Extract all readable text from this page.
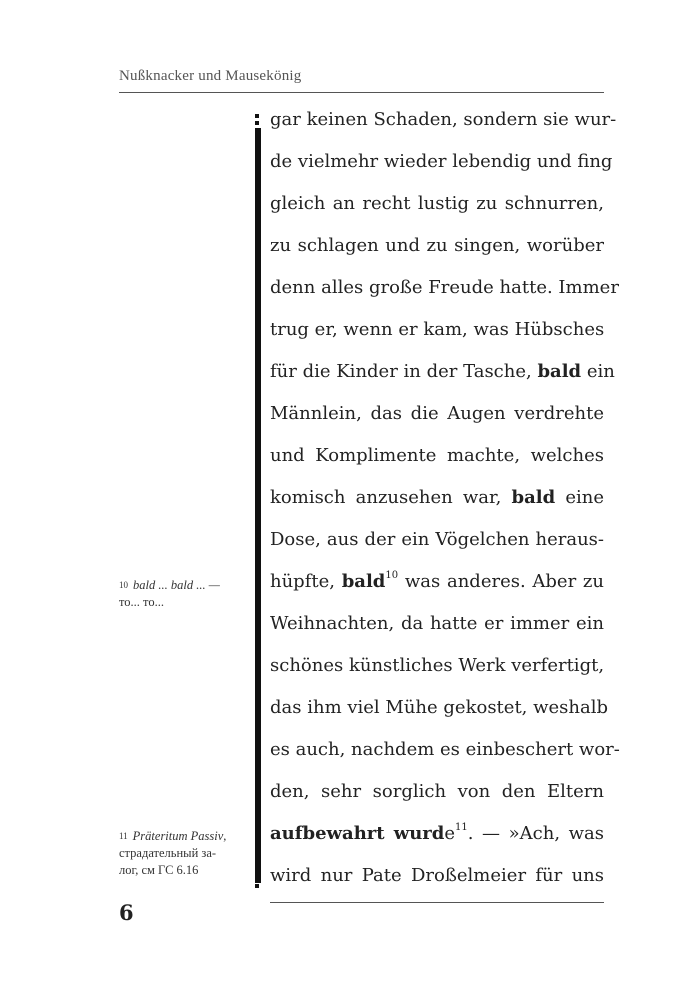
Nußknacker und Mausekönig
gar keinen Schaden, sondern sie wur-
de vielmehr wieder lebendig und fing
gleich an recht lustig zu schnurren,
zu schlagen und zu singen, worüber
denn alles große Freude hatte. Immer
trug er, wenn er kam, was Hübsches
für die Kinder in der Tasche, bald ein
Männlein, das die Augen verdrehte
und Komplimente machte, welches
komisch anzusehen war, bald eine
Dose, aus der ein Vögelchen heraus-
hüpfte, bald$^{10}$ was anderes. Aber zu
Weihnachten, da hatte er immer ein
schönes künstliches Werk verfertigt,
das ihm viel Mühe gekostet, weshalb
es auch, nachdem es einbeschert wor-
den, sehr sorglich von den Eltern
aufbewahrt wurde$^{11}$. — »Ach, was
wird nur Pate Droßelmeier für uns
$^{10}$ bald ... bald ... —
то... то...
$^{11}$ Präteritum Passiv,
страдательный за-
лог, см ГС 6.16
6
